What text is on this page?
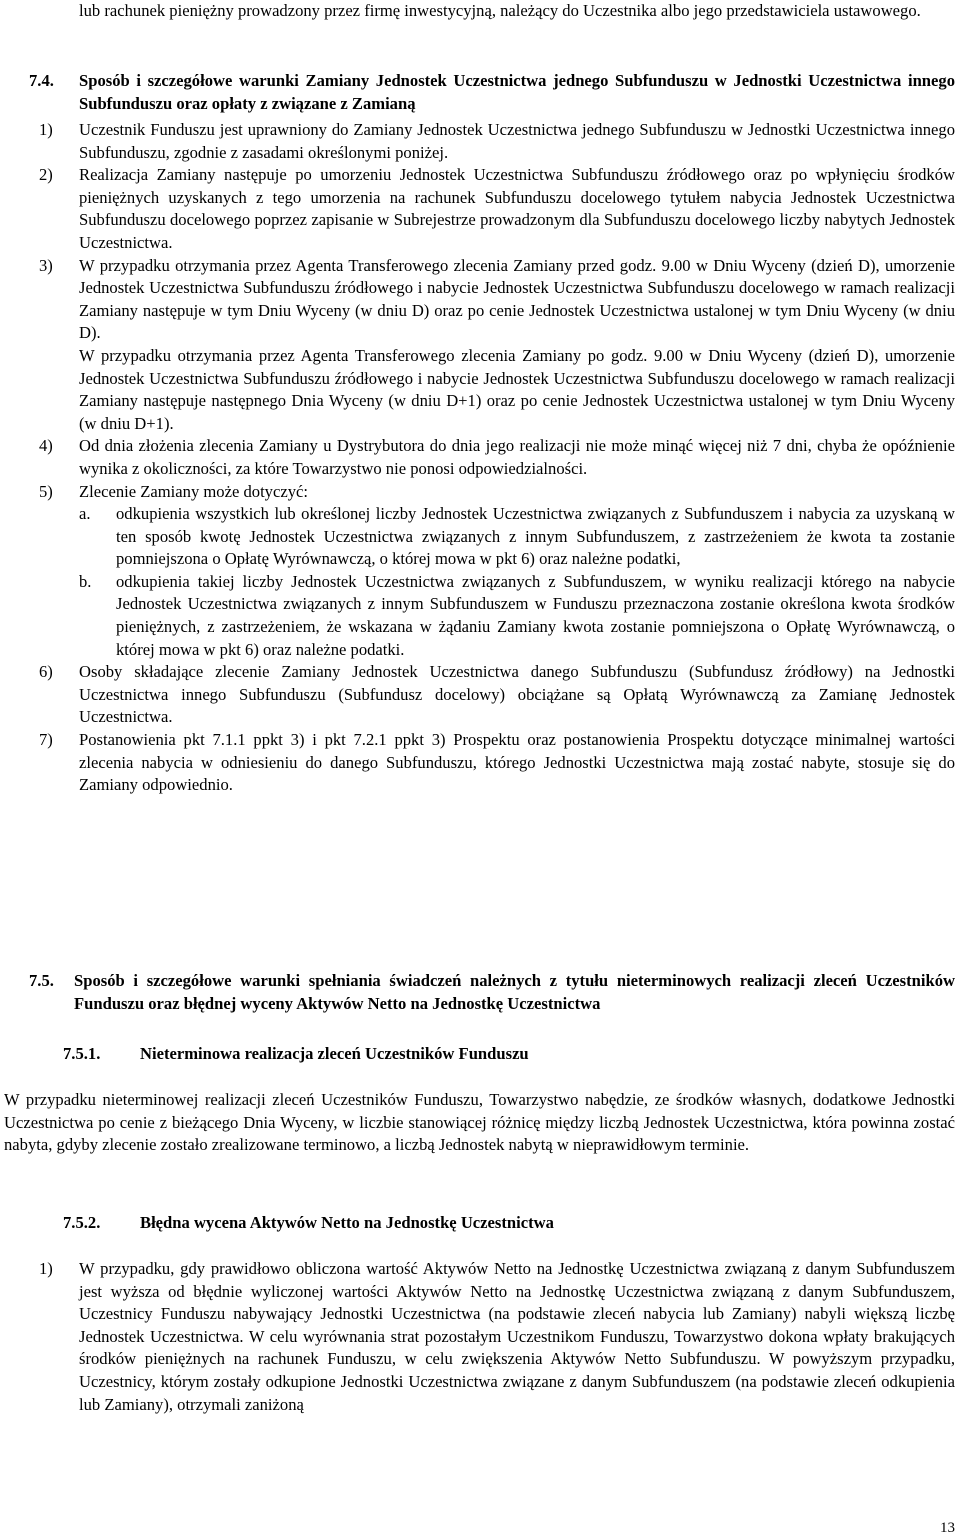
lub rachunek pieniężny prowadzony przez firmę inwestycyjną, należący do Uczestnika albo jego przedstawiciela ustawowego.

7.4. Sposób i szczegółowe warunki Zamiany Jednostek Uczestnictwa jednego Subfunduszu w Jednostki Uczestnictwa innego Subfunduszu oraz opłaty z związane z Zamianą

1) Uczestnik Funduszu jest uprawniony do Zamiany Jednostek Uczestnictwa jednego Subfunduszu w Jednostki Uczestnictwa innego Subfunduszu, zgodnie z zasadami określonymi poniżej.

2) Realizacja Zamiany następuje po umorzeniu Jednostek Uczestnictwa Subfunduszu źródłowego oraz po wpłynięciu środków pieniężnych uzyskanych z tego umorzenia na rachunek Subfunduszu docelowego tytułem nabycia Jednostek Uczestnictwa Subfunduszu docelowego poprzez zapisanie w Subrejestrze prowadzonym dla Subfunduszu docelowego liczby nabytych Jednostek Uczestnictwa.

3) W przypadku otrzymania przez Agenta Transferowego zlecenia Zamiany przed godz. 9.00 w Dniu Wyceny (dzień D), umorzenie Jednostek Uczestnictwa Subfunduszu źródłowego i nabycie Jednostek Uczestnictwa Subfunduszu docelowego w ramach realizacji Zamiany następuje w tym Dniu Wyceny (w dniu D) oraz po cenie Jednostek Uczestnictwa ustalonej w tym Dniu Wyceny (w dniu D).

W przypadku otrzymania przez Agenta Transferowego zlecenia Zamiany po godz. 9.00 w Dniu Wyceny (dzień D), umorzenie Jednostek Uczestnictwa Subfunduszu źródłowego i nabycie Jednostek Uczestnictwa Subfunduszu docelowego w ramach realizacji Zamiany następuje następnego Dnia Wyceny (w dniu D+1) oraz po cenie Jednostek Uczestnictwa ustalonej w tym Dniu Wyceny (w dniu D+1).

4) Od dnia złożenia zlecenia Zamiany u Dystrybutora do dnia jego realizacji nie może minąć więcej niż 7 dni, chyba że opóźnienie wynika z okoliczności, za które Towarzystwo nie ponosi odpowiedzialności.

5) Zlecenie Zamiany może dotyczyć:

a. odkupienia wszystkich lub określonej liczby Jednostek Uczestnictwa związanych z Subfunduszem i nabycia za uzyskaną w ten sposób kwotę Jednostek Uczestnictwa związanych z innym Subfunduszem, z zastrzeżeniem że kwota ta zostanie pomniejszona o Opłatę Wyrównawczą, o której mowa w pkt 6) oraz należne podatki,

b. odkupienia takiej liczby Jednostek Uczestnictwa związanych z Subfunduszem, w wyniku realizacji którego na nabycie Jednostek Uczestnictwa związanych z innym Subfunduszem w Funduszu przeznaczona zostanie określona kwota środków pieniężnych, z zastrzeżeniem, że wskazana w żądaniu Zamiany kwota zostanie pomniejszona o Opłatę Wyrównawczą, o której mowa w pkt 6) oraz należne podatki.

6) Osoby składające zlecenie Zamiany Jednostek Uczestnictwa danego Subfunduszu (Subfundusz źródłowy) na Jednostki Uczestnictwa innego Subfunduszu (Subfundusz docelowy) obciążane są Opłatą Wyrównawczą za Zamianę Jednostek Uczestnictwa.

7) Postanowienia pkt 7.1.1 ppkt 3) i pkt 7.2.1 ppkt 3) Prospektu oraz postanowienia Prospektu dotyczące minimalnej wartości zlecenia nabycia w odniesieniu do danego Subfunduszu, którego Jednostki Uczestnictwa mają zostać nabyte, stosuje się do Zamiany odpowiednio.

7.5. Sposób i szczegółowe warunki spełniania świadczeń należnych z tytułu nieterminowych realizacji zleceń Uczestników Funduszu oraz błędnej wyceny Aktywów Netto na Jednostkę Uczestnictwa

7.5.1. Nieterminowa realizacja zleceń Uczestników Funduszu

W przypadku nieterminowej realizacji zleceń Uczestników Funduszu, Towarzystwo nabędzie, ze środków własnych, dodatkowe Jednostki Uczestnictwa po cenie z bieżącego Dnia Wyceny, w liczbie stanowiącej różnicę między liczbą Jednostek Uczestnictwa, która powinna zostać nabyta, gdyby zlecenie zostało zrealizowane terminowo, a liczbą Jednostek nabytą w nieprawidłowym terminie.

7.5.2. Błędna wycena Aktywów Netto na Jednostkę Uczestnictwa
1) W przypadku, gdy prawidłowo obliczona wartość Aktywów Netto na Jednostkę Uczestnictwa związaną z danym Subfunduszem jest wyższa od błędnie wyliczonej wartości Aktywów Netto na Jednostkę Uczestnictwa związaną z danym Subfunduszem, Uczestnicy Funduszu nabywający Jednostki Uczestnictwa (na podstawie zleceń nabycia lub Zamiany) nabyli większą liczbę Jednostek Uczestnictwa. W celu wyrównania strat pozostałym Uczestnikom Funduszu, Towarzystwo dokona wpłaty brakujących środków pieniężnych na rachunek Funduszu, w celu zwiększenia Aktywów Netto Subfunduszu. W powyższym przypadku, Uczestnicy, którym zostały odkupione Jednostki Uczestnictwa związane z danym Subfunduszem (na podstawie zleceń odkupienia lub Zamiany), otrzymali zaniżoną

13
